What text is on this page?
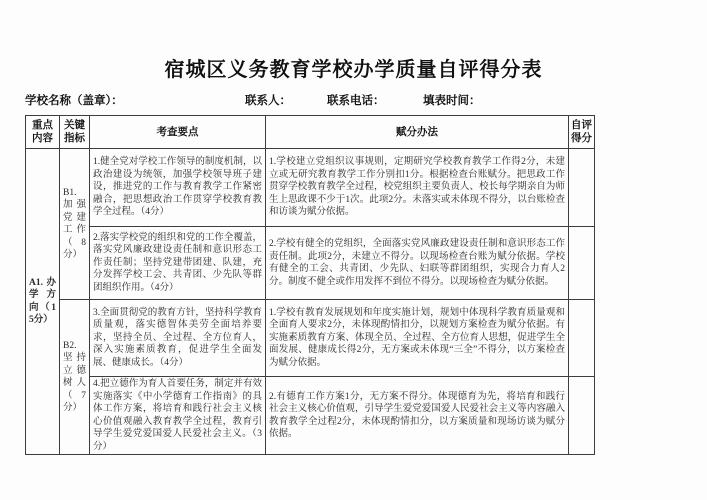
宿城区义务教育学校办学质量自评得分表
学校名称（盖章）：	联系人：	联系电话：	填表时间：
重点内容	关键指标	考查要点	赋分办法	自评得分
A1.办学方向（15分）	B1. 加强党建工作（8分）	1.健全党对学校工作领导的制度机制，以政治建设为统领，加强学校领导班子建设，推进党的工作与教育教学工作紧密融合，把思想政治工作贯穿学校教育教学全过程。（4分）	1.学校建立党组织议事规则，定期研究学校教育教学工作得2分，未建立或无研究教育教学工作分别扣1分。根据检查台账赋分。把思政工作贯穿学校教育教学全过程，校党组织主要负责人、校长每学期亲自为师生上思政课不少于1次。此项2分。未落实或未体现不得分，以台账检查和访谈为赋分依据。	
		2.落实学校党的组织和党的工作全覆盖，落实党风廉政建设责任制和意识形态工作责任制；坚持党建带团建、队建，充分发挥学校工会、共青团、少先队等群团组织作用。（4分）	2.学校有健全的党组织，全面落实党风廉政建设责任制和意识形态工作责任制。此项2分，未建立不得分。以现场检查台账为赋分依据。学校有健全的工会、共青团、少先队、妇联等群团组织，实现合力育人2分。制度不健全或作用发挥不到位不得分。以现场检查为赋分依据。	
	B2. 坚持立德树人（7分）	3.全面贯彻党的教育方针，坚持科学教育质量观，落实德智体美劳全面培养要求，坚持全员、全过程、全方位育人，深入实施素质教育，促进学生全面发展、健康成长。（4分）	1.学校有教育发展规划和年度实施计划，规划中体现科学教育质量观和全面育人要求2分，未体现酌情扣分，以规划方案检查为赋分依据。有实施素质教育方案、体现全员、全过程、全方位育人思想，促进学生全面发展、健康成长得2分，无方案或未体现“三全”不得分，以方案检查为赋分依据。	
		4.把立德作为育人首要任务，制定并有效实施落实《中小学德育工作指南》的具体工作方案，将培育和践行社会主义核心价值观融入教育教学全过程，教育引导学生爱党爱国爱人民爱社会主义。（3分）	2.有德育工作方案1分，无方案不得分。体现德育为先，将培育和践行社会主义核心价值观，引导学生爱党爱国爱人民爱社会主义等内容融入教育教学全过程2分，未体现酌情扣分，以方案质量和现场访谈为赋分依据。	
